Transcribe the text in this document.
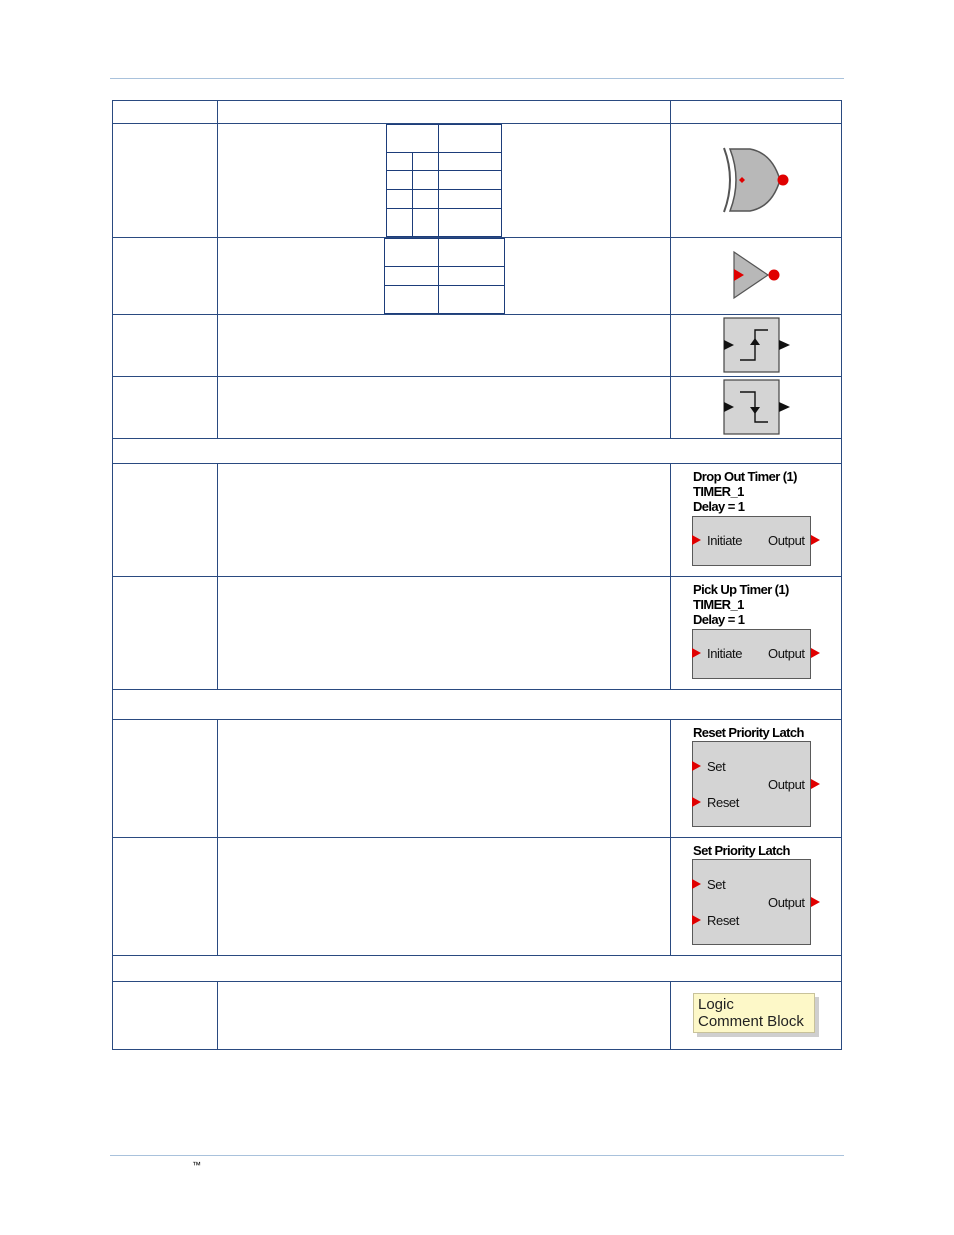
Drop Out Timer (1)
TIMER_1
Delay = 1
Initiate Output
Pick Up Timer (1)
TIMER_1
Delay = 1
Initiate Output
Reset Priority Latch
Set
Output
Reset
Set Priority Latch
Set
Output
Reset
Logic
Comment Block
™
